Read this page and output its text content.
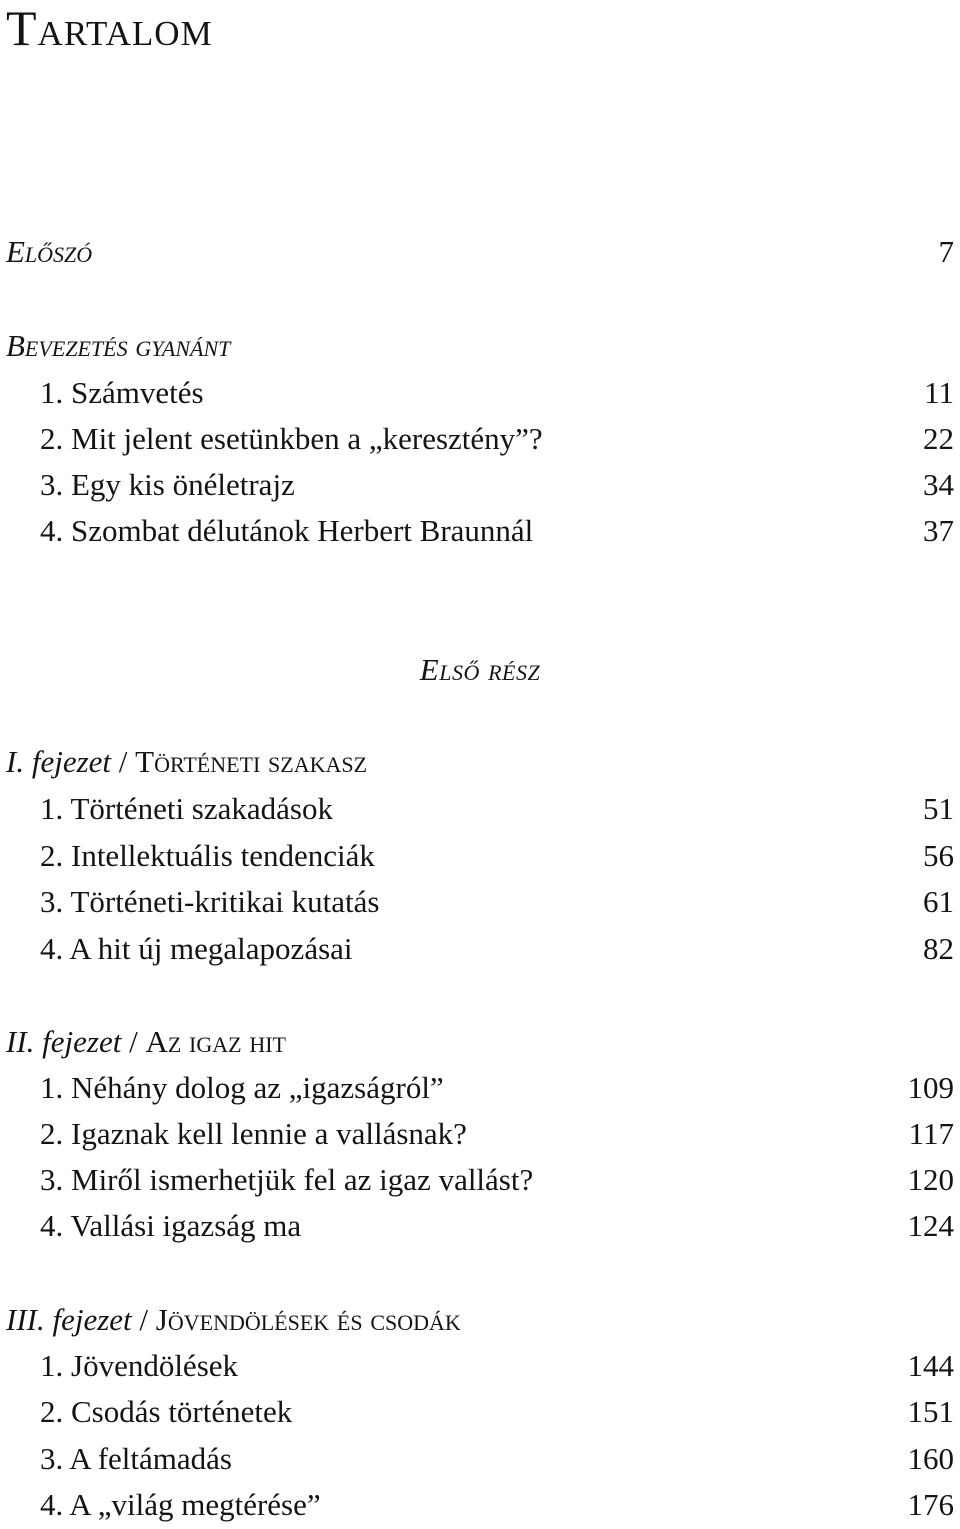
Tartalom
Előszó	7
Bevezetés gyanánt
1. Számvetés	11
2. Mit jelent esetünkben a „keresztény”?	22
3. Egy kis önéletrajz	34
4. Szombat délutánok Herbert Braunnál	37
Első rész
I. fejezet / Történeti szakasz
1. Történeti szakadások	51
2. Intellektuális tendenciák	56
3. Történeti-kritikai kutatás	61
4. A hit új megalapozásai	82
II. fejezet / Az igaz hit
1. Néhány dolog az „igazságról”	109
2. Igaznak kell lennie a vallásnak?	117
3. Miről ismerhetjük fel az igaz vallást?	120
4. Vallási igazság ma	124
III. fejezet / Jövendölések és csodák
1. Jövendölések	144
2. Csodás történetek	151
3. A feltámadás	160
4. A „világ megtérése”	176
